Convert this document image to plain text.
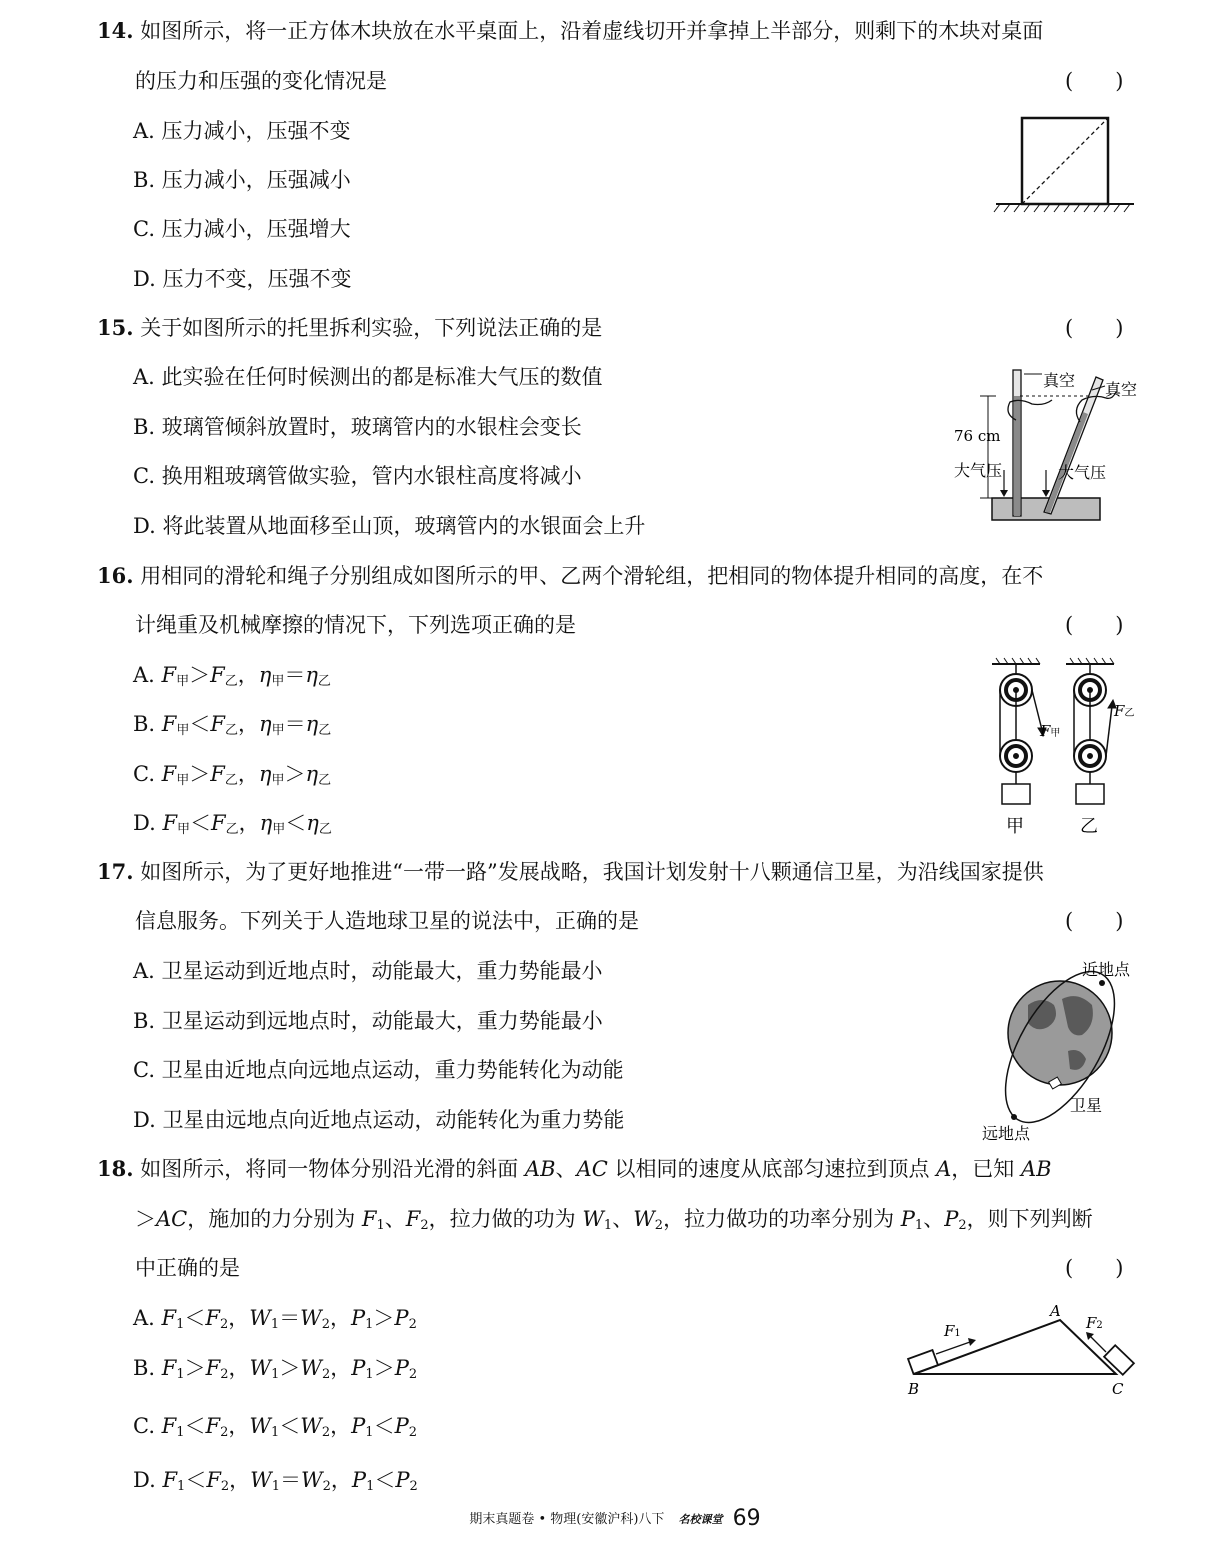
14. 如图所示，将一正方体木块放在水平桌面上，沿着虚线切开并拿掉上半部分，则剩下的木块对桌面
的压力和压强的变化情况是	(　　)
A. 压力减小，压强不变
B. 压力减小，压强减小
C. 压力减小，压强增大
D. 压力不变，压强不变
15. 关于如图所示的托里拆利实验，下列说法正确的是	(　　)
A. 此实验在任何时候测出的都是标准大气压的数值
B. 玻璃管倾斜放置时，玻璃管内的水银柱会变长
C. 换用粗玻璃管做实验，管内水银柱高度将减小
D. 将此装置从地面移至山顶，玻璃管内的水银面会上升
真空 真空
76 cm
大气压	大气压
16. 用相同的滑轮和绳子分别组成如图所示的甲、乙两个滑轮组，把相同的物体提升相同的高度，在不
计绳重及机械摩擦的情况下，下列选项正确的是	(　　)
A. $F_甲>F_乙$，$\eta_甲=\eta_乙$
B. $F_甲<F_乙$，$\eta_甲=\eta_乙$
C. $F_甲>F_乙$，$\eta_甲>\eta_乙$
D. $F_甲<F_乙$，$\eta_甲<\eta_乙$
F甲
F乙
甲	乙
17. 如图所示，为了更好地推进“一带一路”发展战略，我国计划发射十八颗通信卫星，为沿线国家提供
信息服务。下列关于人造地球卫星的说法中，正确的是	(　　)
A. 卫星运动到近地点时，动能最大，重力势能最小
B. 卫星运动到远地点时，动能最大，重力势能最小
C. 卫星由近地点向远地点运动，重力势能转化为动能
D. 卫星由远地点向近地点运动，动能转化为重力势能
近地点
卫星
远地点
18. 如图所示，将同一物体分别沿光滑的斜面 AB、AC 以相同的速度从底部匀速拉到顶点 A，已知 AB
＞AC，施加的力分别为 $F_1$、$F_2$，拉力做的功为 $W_1$、$W_2$，拉力做功的功率分别为 $P_1$、$P_2$，则下列判断
中正确的是	(　　)
A. $F_1<F_2$，$W_1=W_2$，$P_1>P_2$
B. $F_1>F_2$，$W_1>W_2$，$P_1>P_2$
C. $F_1<F_2$，$W_1<W_2$，$P_1<P_2$
D. $F_1<F_2$，$W_1=W_2$，$P_1<P_2$
F1
F2
A
B	C
期末真题卷 • 物理(安徽沪科)八下 名校课堂 69
